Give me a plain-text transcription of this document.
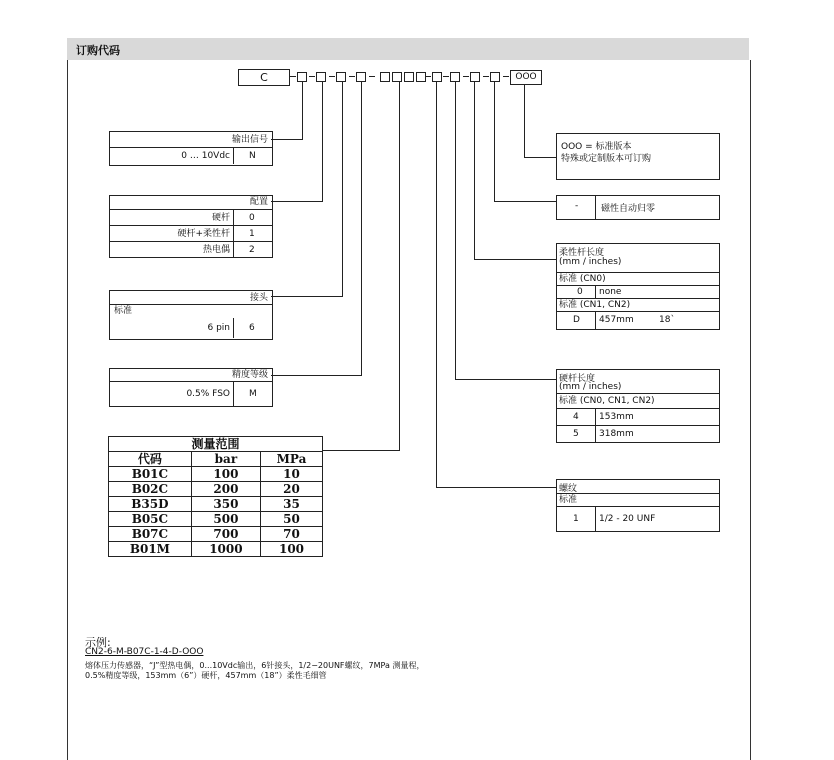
订购代码
C	OOO
输出信号
0 … 10Vdc N
配置
硬杆 0
硬杆+柔性杆 1
热电偶 2
接头
标准
6 pin 6
精度等级
0.5% FSO M
测量范围		
代码	bar	MPa
B01C	100	10
B02C	200	20
B35D	350	35
B05C	500	50
B07C	700	70
B01M	1000	100
OOO = 标准版本
特殊或定制版本可订购
-	磁性自动归零
柔性杆长度
(mm / inches)
标准 (CN0)
0 none
标准 (CN1, CN2)
D 457mm	18`
硬杆长度
(mm / inches)
标准 (CN0, CN1, CN2)
4 153mm
5 318mm
螺纹
标准
1 1/2 - 20 UNF
示例:
CN2-6-M-B07C-1-4-D-OOO
熔体压力传感器，“J”型热电偶，0...10Vdc输出，6针接头，1/2−20UNF螺纹，7MPa 测量程，
0.5%精度等级，153mm（6”）硬杆，457mm（18”）柔性毛细管
